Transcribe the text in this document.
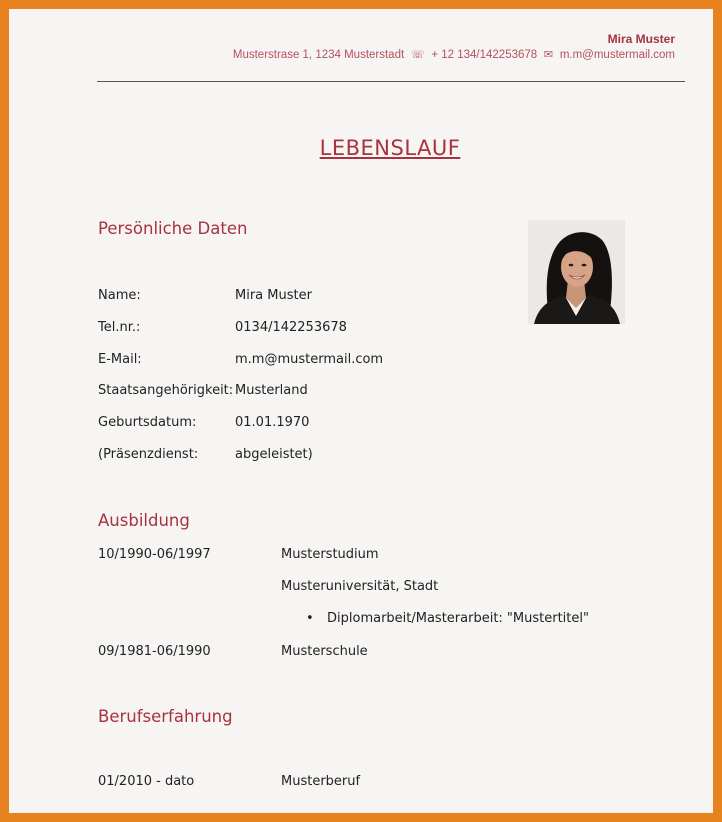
Mira Muster
Musterstrase 1, 1234 Musterstadt  ☏  + 12 134/142253678  ✉  m.m@mustermail.com
LEBENSLAUF
Persönliche Daten
Name:	Mira Muster
Tel.nr.:	0134/142253678
E-Mail:	m.m@mustermail.com
Staatsangehörigkeit: Musterland
Geburtsdatum:	01.01.1970
(Präsenzdienst:	abgeleistet)
Ausbildung
10/1990-06/1997	Musterstudium
Musteruniversität, Stadt
• Diplomarbeit/Masterarbeit: "Mustertitel"
09/1981-06/1990	Musterschule
Berufserfahrung
01/2010 - dato	Musterberuf
